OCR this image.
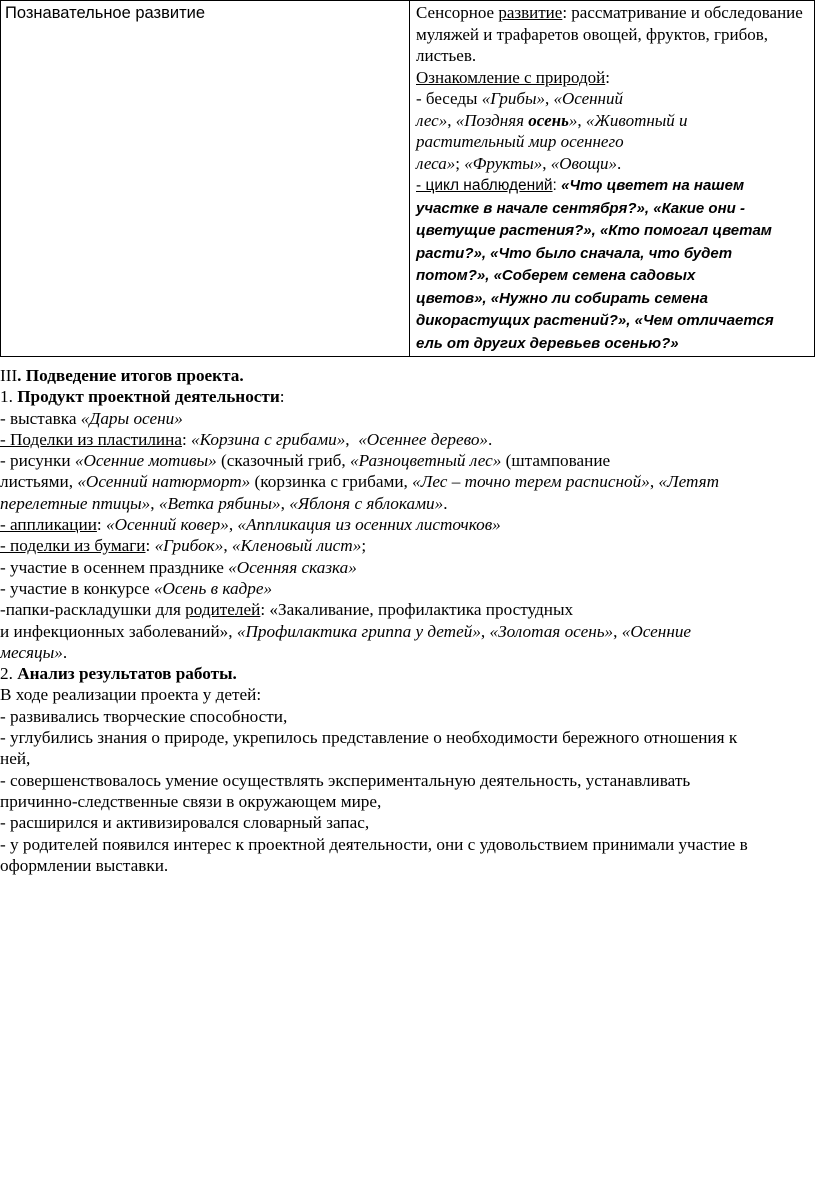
Познавательное развитие	Сенсорное развитие: рассматривание и обследование муляжей и трафаретов овощей, фруктов, грибов, листьев.
Ознакомление с природой:
- беседы «Грибы», «Осенний
лес», «Поздняя осень», «Животный и
растительный мир осеннего
леса»; «Фрукты», «Овощи».
- цикл наблюдений: «Что цветет на нашем
участке в начале сентября?», «Какие они -
цветущие растения?», «Кто помогал цветам
расти?», «Что было сначала, что будет
потом?», «Соберем семена садовых
цветов», «Нужно ли собирать семена
дикорастущих растений?», «Чем отличается
ель от других деревьев осенью?»

III. Подведение итогов проекта.

1. Продукт проектной деятельности:

- выставка «Дары осени»

- Поделки из пластилина: «Корзина с грибами»,  «Осеннее дерево».

- рисунки «Осенние мотивы» (сказочный гриб, «Разноцветный лес» (штампование
листьями, «Осенний натюрморт» (корзинка с грибами, «Лес – точно терем расписной», «Летят
перелетные птицы», «Ветка рябины», «Яблоня с яблоками».

- аппликации: «Осенний ковер», «Аппликация из осенних листочков»

- поделки из бумаги: «Грибок», «Кленовый лист»;

- участие в осеннем празднике «Осенняя сказка»

- участие в конкурсе «Осень в кадре»

-папки-раскладушки для родителей: «Закаливание, профилактика простудных
и инфекционных заболеваний», «Профилактика гриппа у детей», «Золотая осень», «Осенние
месяцы».

2. Анализ результатов работы.

В ходе реализации проекта у детей:

- развивались творческие способности,

- углубились знания о природе, укрепилось представление о необходимости бережного отношения к

ней,

- совершенствовалось умение осуществлять экспериментальную деятельность, устанавливать

причинно-следственные связи в окружающем мире,

- расширился и активизировался словарный запас,

- у родителей появился интерес к проектной деятельности, они с удовольствием принимали участие в

оформлении выставки.
